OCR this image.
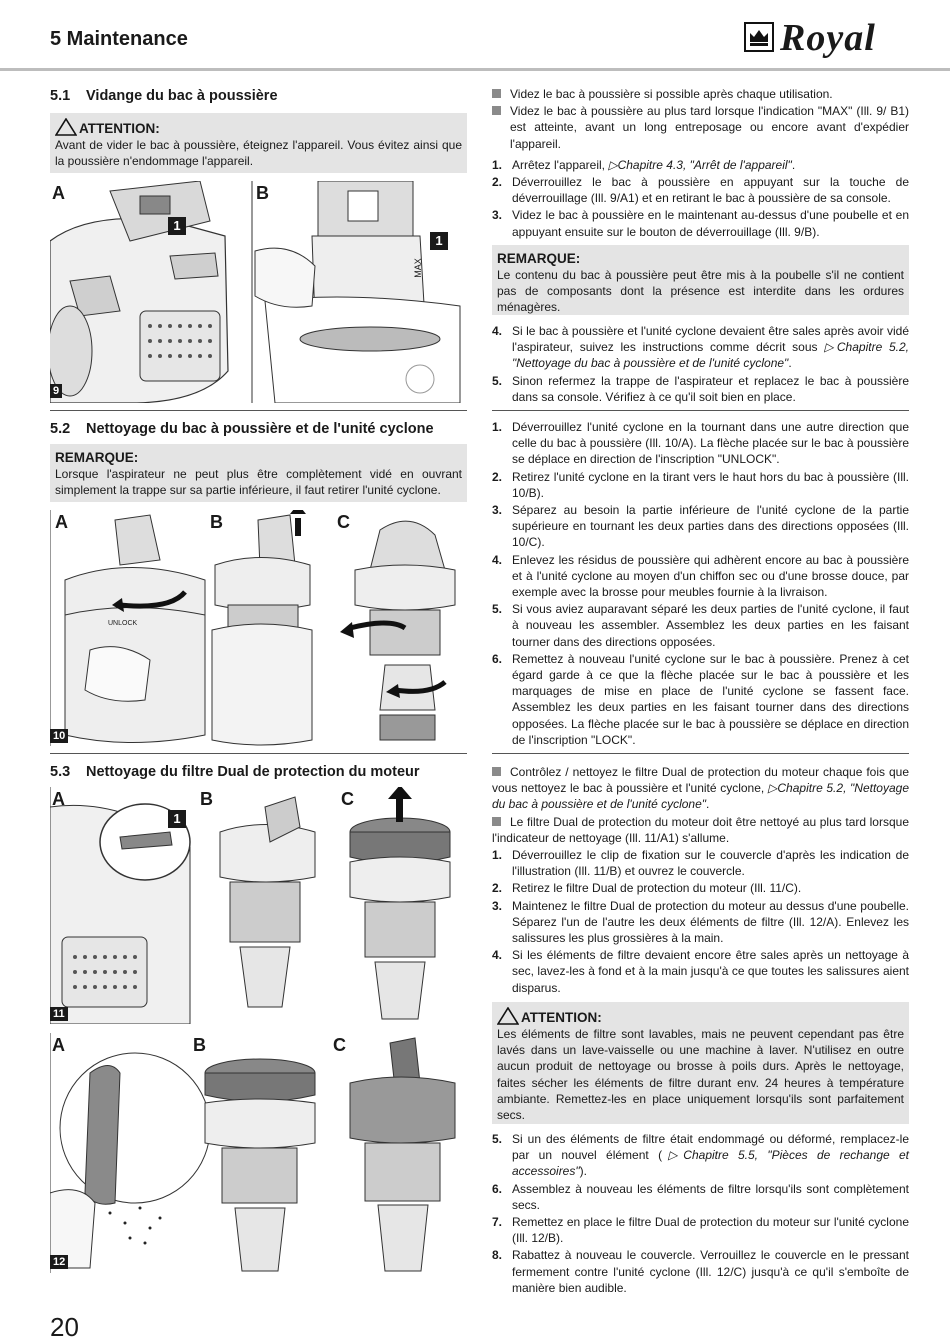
5 Maintenance	Royal
5.1 Vidange du bac à poussière
ATTENTION:
Avant de vider le bac à poussière, éteignez l'appareil. Vous évitez ainsi que la poussière n'endommage l'appareil.
A	B
1
1
MAX
9

Videz le bac à poussière si possible après chaque utilisation.

Videz le bac à poussière au plus tard lorsque l'indication "MAX" (Ill. 9/ B1) est atteinte, avant un long entreposage ou encore avant d'expédier l'appareil.

1. Arrêtez l'appareil, ▷Chapitre 4.3, "Arrêt de l'appareil".

2. Déverrouillez le bac à poussière en appuyant sur la touche de déverrouillage (Ill. 9/A1) et en retirant le bac à poussière de sa console.

3. Videz le bac à poussière en le maintenant au-dessus d'une poubelle et en appuyant ensuite sur le bouton de déverrouillage (Ill. 9/B).

REMARQUE:
Le contenu du bac à poussière peut être mis à la poubelle s'il ne contient pas de composants dont la présence est interdite dans les ordures ménagères.

4. Si le bac à poussière et l'unité cyclone devaient être sales après avoir vidé l'aspirateur, suivez les instructions comme décrit sous ▷Chapitre 5.2, "Nettoyage du bac à poussière et de l'unité cyclone".

5. Sinon refermez la trappe de l'aspirateur et replacez le bac à poussière dans sa console. Vérifiez à ce qu'il soit bien en place.

5.2 Nettoyage du bac à poussière et de l'unité cyclone
REMARQUE:
Lorsque l'aspirateur ne peut plus être complètement vidé en ouvrant simplement la trappe sur sa partie inférieure, il faut retirer l'unité cyclone.
A	B	C
UNLOCK
10

1. Déverrouillez l'unité cyclone en la tournant dans une autre direction que celle du bac à poussière (Ill. 10/A). La flèche placée sur le bac à poussière se déplace en direction de l'inscription "UNLOCK".

2. Retirez l'unité cyclone en la tirant vers le haut hors du bac à poussière (Ill. 10/B).

3. Séparez au besoin la partie inférieure de l'unité cyclone de la partie supérieure en tournant les deux parties dans des directions opposées (Ill. 10/C).

4. Enlevez les résidus de poussière qui adhèrent encore au bac à poussière et à l'unité cyclone au moyen d'un chiffon sec ou d'une brosse douce, par exemple avec la brosse pour meubles fournie à la livraison.

5. Si vous aviez auparavant séparé les deux parties de l'unité cyclone, il faut à nouveau les assembler. Assemblez les deux parties en les faisant tourner dans des directions opposées.

6. Remettez à nouveau l'unité cyclone sur le bac à poussière. Prenez à cet égard garde à ce que la flèche placée sur le bac à poussière et les marquages de mise en place de l'unité cyclone se fassent face. Assemblez les deux parties en les faisant tourner dans des directions opposées. La flèche placée sur le bac à poussière se déplace en direction de l'inscription "LOCK".

5.3 Nettoyage du filtre Dual de protection du moteur
A	B	C
1
11
A	B	C
12

Contrôlez / nettoyez le filtre Dual de protection du moteur chaque fois que vous nettoyez le bac à poussière et l'unité cyclone, ▷Chapitre 5.2, "Nettoyage du bac à poussière et de l'unité cyclone".

Le filtre Dual de protection du moteur doit être nettoyé au plus tard lorsque l'indicateur de nettoyage (Ill. 11/A1) s'allume.

1. Déverrouillez le clip de fixation sur le couvercle d'après les indication de l'illustration (Ill. 11/B) et ouvrez le couvercle.

2. Retirez le filtre Dual de protection du moteur (Ill. 11/C).

3. Maintenez le filtre Dual de protection du moteur au dessus d'une poubelle. Séparez l'un de l'autre les deux éléments de filtre (Ill. 12/A). Enlevez les salissures les plus grossières à la main.

4. Si les éléments de filtre devaient encore être sales après un nettoyage à sec, lavez-les à fond et à la main jusqu'à ce que toutes les salissures aient disparus.

ATTENTION:
Les éléments de filtre sont lavables, mais ne peuvent cependant pas être lavés dans un lave-vaisselle ou une machine à laver. N'utilisez en outre aucun produit de nettoyage ou brosse à poils durs. Après le nettoyage, faites sécher les éléments de filtre durant env. 24 heures à température ambiante. Remettez-les en place uniquement lorsqu'ils sont parfaitement secs.

5. Si un des éléments de filtre était endommagé ou déformé, remplacez-le par un nouvel élément (▷Chapitre 5.5, "Pièces de rechange et accessoires").

6. Assemblez à nouveau les éléments de filtre lorsqu'ils sont complètement secs.

7. Remettez en place le filtre Dual de protection du moteur sur l'unité cyclone (Ill. 12/B).

8. Rabattez à nouveau le couvercle. Verrouillez le couvercle en le pressant fermement contre l'unité cyclone (Ill. 12/C) jusqu'à ce qu'il s'emboîte de manière bien audible.

20
